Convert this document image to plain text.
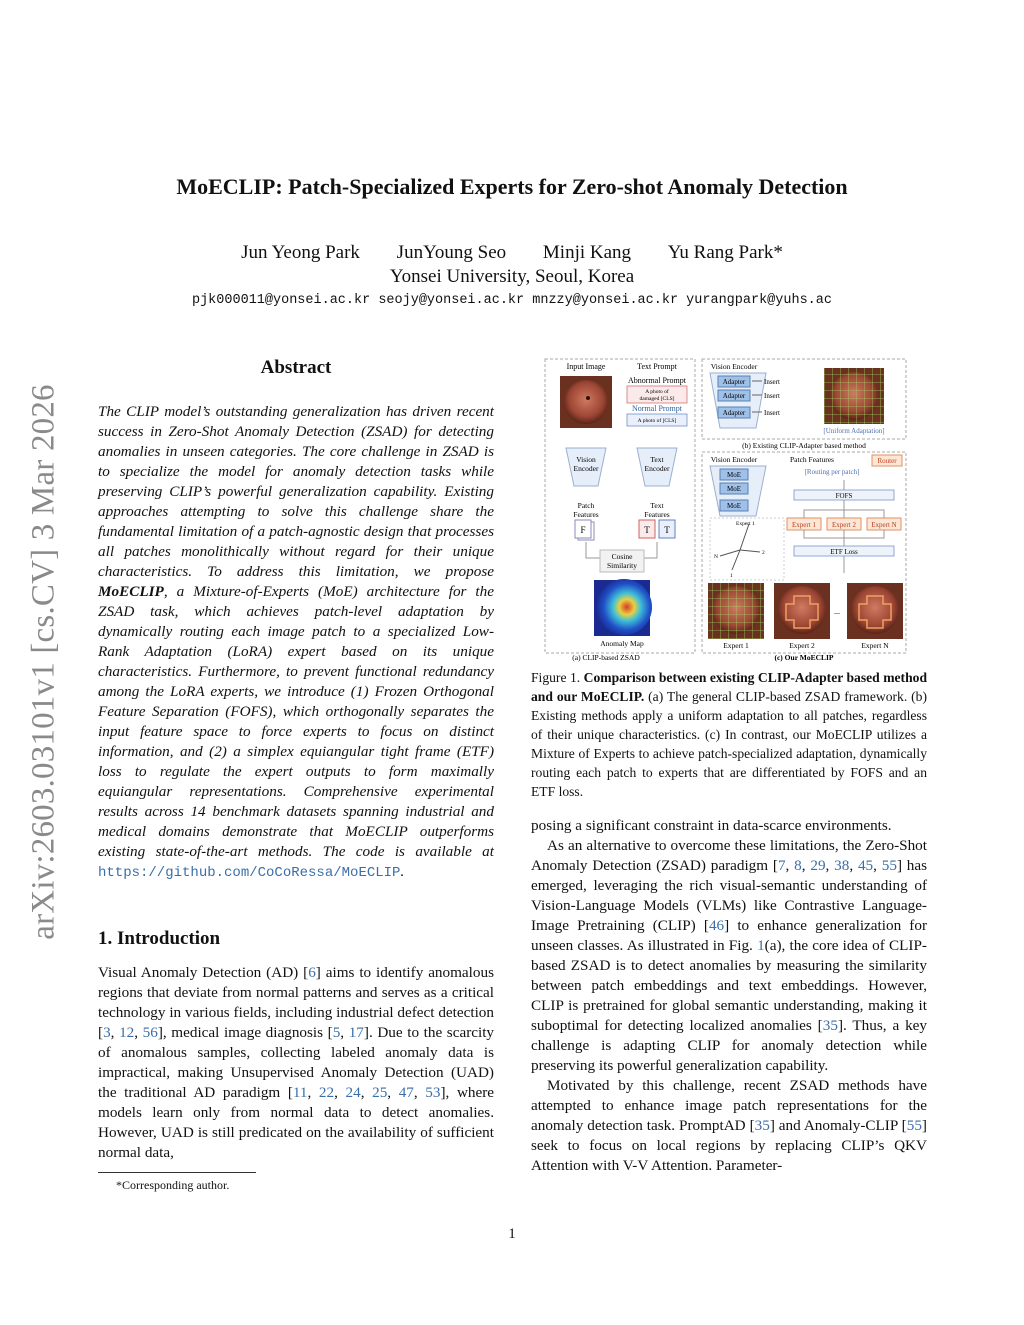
arXiv:2603.03101v1 [cs.CV] 3 Mar 2026
MoECLIP: Patch-Specialized Experts for Zero-shot Anomaly Detection
Jun Yeong Park JunYoung Seo Minji Kang Yu Rang Park*
Yonsei University, Seoul, Korea
pjk000011@yonsei.ac.kr seojy@yonsei.ac.kr mnzzy@yonsei.ac.kr yurangpark@yuhs.ac
Abstract
The CLIP model’s outstanding generalization has driven recent success in Zero-Shot Anomaly Detection (ZSAD) for detecting anomalies in unseen categories. The core challenge in ZSAD is to specialize the model for anomaly detection tasks while preserving CLIP’s powerful generalization capability. Existing approaches attempting to solve this challenge share the fundamental limitation of a patch-agnostic design that processes all patches monolithically without regard for their unique characteristics. To address this limitation, we propose MoECLIP, a Mixture-of-Experts (MoE) architecture for the ZSAD task, which achieves patch-level adaptation by dynamically routing each image patch to a specialized Low-Rank Adaptation (LoRA) expert based on its unique characteristics. Furthermore, to prevent functional redundancy among the LoRA experts, we introduce (1) Frozen Orthogonal Feature Separation (FOFS), which orthogonally separates the input feature space to force experts to focus on distinct information, and (2) a simplex equiangular tight frame (ETF) loss to regulate the expert outputs to form maximally equiangular representations. Comprehensive experimental results across 14 benchmark datasets spanning industrial and medical domains demonstrate that MoECLIP outperforms existing state-of-the-art methods. The code is available at https://github.com/CoCoRessa/MoECLIP.
1. Introduction

Visual Anomaly Detection (AD) [6] aims to identify anomalous regions that deviate from normal patterns and serves as a critical technology in various fields, including industrial defect detection [3, 12, 56], medical image diagnosis [5, 17]. Due to the scarcity of anomalous samples, collecting labeled anomaly data is impractical, making Unsupervised Anomaly Detection (UAD) the traditional AD paradigm [11, 22, 24, 25, 47, 53], where models learn only from normal data to detect anomalies. However, UAD is still predicated on the availability of sufficient normal data,

*Corresponding author.
1
Input Image	Text Prompt
Abnormal Prompt
A photo of
damaged [CLS]
Normal Prompt
A photo of [CLS]
Vision
Encoder
Text
Encoder
Patch
Features
F
Text
Features
T T
Cosine
Similarity
Anomaly Map
(a) CLIP-based ZSAD
Vision Encoder
Adapter
Adapter
Adapter
Insert
Insert
Insert
[Uniform Adaptation]
(b) Existing CLIP-Adapter based method
Vision Encoder
MoE
MoE
MoE
Patch Features	Router
[Routing per patch]
FOFS
Expert 1 Expert 2 Expert N
ETF Loss
Expert 1
N
1
2
...
Expert 1	Expert 2	Expert N
(c) Our MoECLIP
Figure 1. Comparison between existing CLIP-Adapter based method and our MoECLIP. (a) The general CLIP-based ZSAD framework. (b) Existing methods apply a uniform adaptation to all patches, regardless of their unique characteristics. (c) In contrast, our MoECLIP utilizes a Mixture of Experts to achieve patch-specialized adaptation, dynamically routing each patch to experts that are differentiated by FOFS and an ETF loss.

posing a significant constraint in data-scarce environments.

As an alternative to overcome these limitations, the Zero-Shot Anomaly Detection (ZSAD) paradigm [7, 8, 29, 38, 45, 55] has emerged, leveraging the rich visual-semantic understanding of Vision-Language Models (VLMs) like Contrastive Language-Image Pretraining (CLIP) [46] to enhance generalization for unseen classes. As illustrated in Fig. 1(a), the core idea of CLIP-based ZSAD is to detect anomalies by measuring the similarity between patch embeddings and text embeddings. However, CLIP is pretrained for global semantic understanding, making it suboptimal for detecting localized anomalies [35]. Thus, a key challenge is adapting CLIP for anomaly detection while preserving its powerful generalization capability.

Motivated by this challenge, recent ZSAD methods have attempted to enhance image patch representations for the anomaly detection task. PromptAD [35] and Anomaly-CLIP [55] seek to focus on local regions by replacing CLIP’s QKV Attention with V-V Attention. Parameter-
